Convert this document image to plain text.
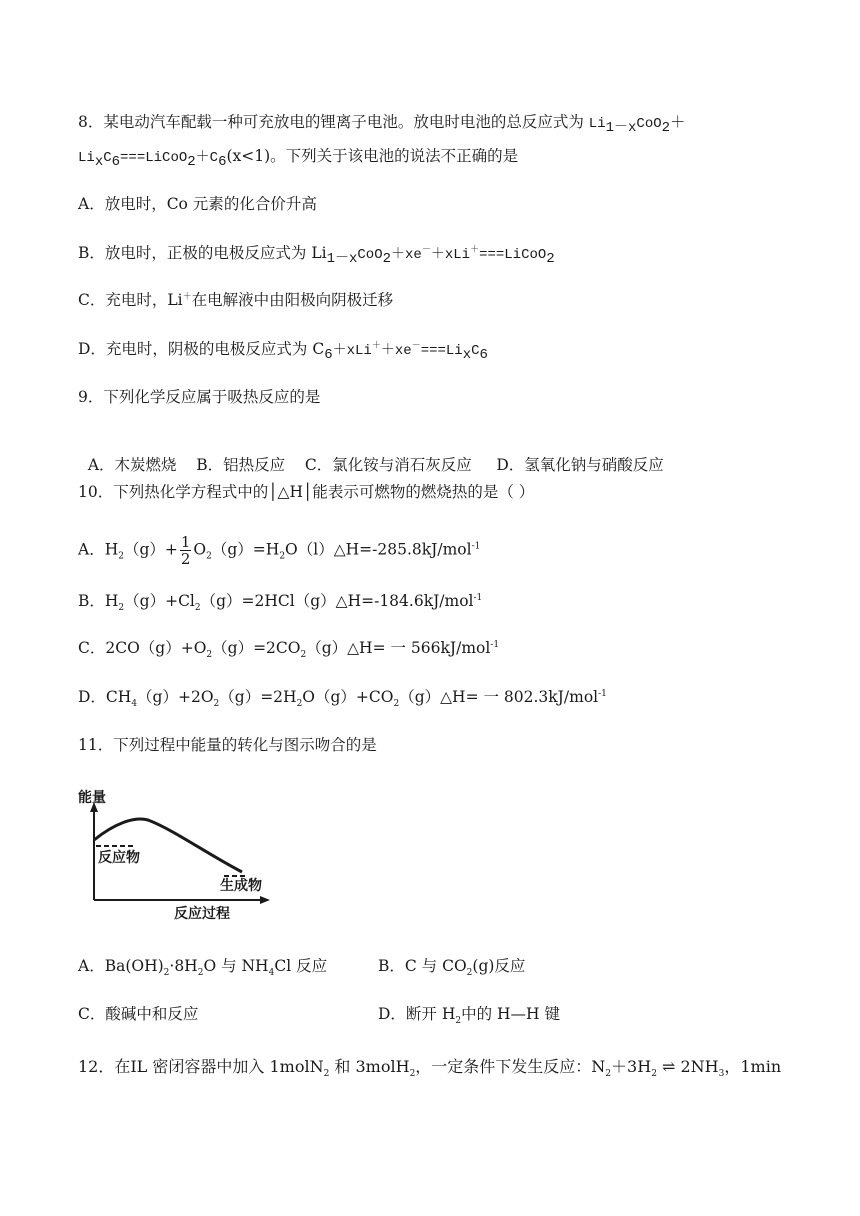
8．某电动汽车配载一种可充放电的锂离子电池。放电时电池的总反应式为 $Li_{1-x}CoO_2+$
$Li_xC_6===LiCoO_2+C_6(x<1)$。下列关于该电池的说法不正确的是
A．放电时，Co 元素的化合价升高
B．放电时，正极的电极反应式为 $Li_{1-x}CoO_2+xe^-+xLi^+===LiCoO_2$
C．充电时，Li＋在电解液中由阳极向阴极迁移
D．充电时，阴极的电极反应式为 $C_6+xLi^++xe^-===Li_xC_6$
9．下列化学反应属于吸热反应的是

A．木炭燃烧    B．铝热反应    C．氯化铵与消石灰反应     D．氢氧化钠与硝酸反应

10．下列热化学方程式中的│△H│能表示可燃物的燃烧热的是（ ）
A．$H_2(g)+ \frac{1}{2}$ $O_2(g)=H_2O(l)\triangle H=-285.8kJ/mol^{-1}$
B．$H_2(g)+Cl_2(g)=2HCl(g)\triangle H=-184.6kJ/mol^{-1}$
C．$2CO(g)+O_2(g)=2CO_2(g)\triangle H=$ 一 566kJ/mol$^{-1}$
D．$CH_4(g)+2O_2(g)=2H_2O(g)+CO_2(g)\triangle H=$ 一 802.3kJ/mol$^{-1}$
11．下列过程中能量的转化与图示吻合的是
能量
反应物
生成物
反应过程
A．$Ba(OH)_2\cdot 8H_2O$ 与 $NH_4Cl$ 反应	B．C 与 $CO_2(g)$反应
C．酸碱中和反应	D．断开 $H_2$中的 H—H 键
12．在IL 密闭容器中加入 1molN$_2$ 和 3molH$_2$，一定条件下发生反应：$N_2+3H_2$ ⇌ $2NH_3$，1min
